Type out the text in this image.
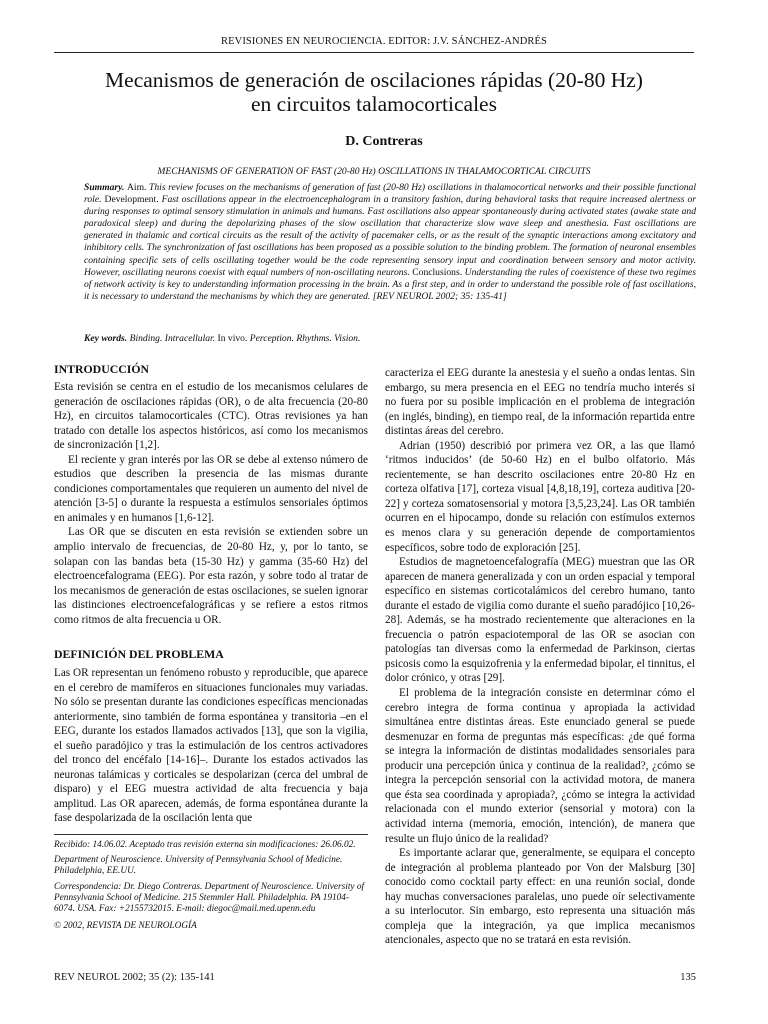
REVISIONES EN NEUROCIENCIA. EDITOR: J.V. SÁNCHEZ-ANDRÉS
Mecanismos de generación de oscilaciones rápidas (20-80 Hz)
en circuitos talamocorticales
D. Contreras
MECHANISMS OF GENERATION OF FAST (20-80 Hz) OSCILLATIONS IN THALAMOCORTICAL CIRCUITS
Summary. Aim. This review focuses on the mechanisms of generation of fast (20-80 Hz) oscillations in thalamocortical networks and their possible functional role. Development. Fast oscillations appear in the electroencephalogram in a transitory fashion, during behavioral tasks that require increased alertness or during responses to optimal sensory stimulation in animals and humans. Fast oscillations also appear spontaneously during activated states (awake state and paradoxical sleep) and during the depolarizing phases of the slow oscillation that characterize slow wave sleep and anesthesia. Fast oscillations are generated in thalamic and cortical circuits as the result of the activity of pacemaker cells, or as the result of the synaptic interactions among excitatory and inhibitory cells. The synchronization of fast oscillations has been proposed as a possible solution to the binding problem. The formation of neuronal ensembles containing specific sets of cells oscillating together would be the code representing sensory input and coordination between sensory and motor activity. However, oscillating neurons coexist with equal numbers of non-oscillating neurons. Conclusions. Understanding the rules of coexistence of these two regimes of network activity is key to understanding information processing in the brain. As a first step, and in order to understand the possible role of fast oscillations, it is necessary to understand the mechanisms by which they are generated. [REV NEUROL 2002; 35: 135-41]
Key words. Binding. Intracellular. In vivo. Perception. Rhythms. Vision.
INTRODUCCIÓN

Esta revisión se centra en el estudio de los mecanismos celulares de generación de oscilaciones rápidas (OR), o de alta frecuencia (20-80 Hz), en circuitos talamocorticales (CTC). Otras revisiones ya han tratado con detalle los aspectos históricos, así como los mecanismos de sincronización [1,2].

El reciente y gran interés por las OR se debe al extenso número de estudios que describen la presencia de las mismas durante condiciones comportamentales que requieren un aumento del nivel de atención [3-5] o durante la respuesta a estímulos sensoriales óptimos en animales y en humanos [1,6-12].

Las OR que se discuten en esta revisión se extienden sobre un amplio intervalo de frecuencias, de 20-80 Hz, y, por lo tanto, se solapan con las bandas beta (15-30 Hz) y gamma (35-60 Hz) del electroencefalograma (EEG). Por esta razón, y sobre todo al tratar de los mecanismos de generación de estas oscilaciones, se suelen ignorar las distinciones electroencefalográficas y se refiere a estos ritmos como ritmos de alta frecuencia u OR.

DEFINICIÓN DEL PROBLEMA

Las OR representan un fenómeno robusto y reproducible, que aparece en el cerebro de mamíferos en situaciones funcionales muy variadas. No sólo se presentan durante las condiciones específicas mencionadas anteriormente, sino también de forma espontánea y transitoria –en el EEG, durante los estados llamados activados [13], que son la vigilia, el sueño paradójico y tras la estimulación de los centros activadores del tronco del encéfalo [14-16]–. Durante los estados activados las neuronas talámicas y corticales se despolarizan (cerca del umbral de disparo) y el EEG muestra actividad de alta frecuencia y baja amplitud. Las OR aparecen, además, de forma espontánea durante la fase despolarizada de la oscilación lenta que

Recibido: 14.06.02. Aceptado tras revisión externa sin modificaciones: 26.06.02.
Department of Neuroscience. University of Pennsylvania School of Medicine. Philadelphia, EE.UU.
Correspondencia: Dr. Diego Contreras. Department of Neuroscience. University of Pennsylvania School of Medicine. 215 Stemmler Hall. Philadelphia. PA 19104-6074. USA. Fax: +2155732015. E-mail: diegoc@mail.med.upenn.edu
© 2002, REVISTA DE NEUROLOGÍA

caracteriza el EEG durante la anestesia y el sueño a ondas lentas. Sin embargo, su mera presencia en el EEG no tendría mucho interés si no fuera por su posible implicación en el problema de integración (en inglés, binding), en tiempo real, de la información repartida entre distintas áreas del cerebro.

Adrian (1950) describió por primera vez OR, a las que llamó ‘ritmos inducidos’ (de 50-60 Hz) en el bulbo olfatorio. Más recientemente, se han descrito oscilaciones entre 20-80 Hz en corteza olfativa [17], corteza visual [4,8,18,19], corteza auditiva [20-22] y corteza somatosensorial y motora [3,5,23,24]. Las OR también ocurren en el hipocampo, donde su relación con estímulos externos es menos clara y su generación depende de comportamientos específicos, sobre todo de exploración [25].

Estudios de magnetoencefalografía (MEG) muestran que las OR aparecen de manera generalizada y con un orden espacial y temporal específico en sistemas corticotalámicos del cerebro humano, tanto durante el estado de vigilia como durante el sueño paradójico [10,26-28]. Además, se ha mostrado recientemente que alteraciones en la frecuencia o patrón espaciotemporal de las OR se asocian con patologías tan diversas como la enfermedad de Parkinson, ciertas psicosis como la esquizofrenia y la enfermedad bipolar, el tinnitus, el dolor crónico, y otras [29].

El problema de la integración consiste en determinar cómo el cerebro integra de forma continua y apropiada la actividad simultánea entre distintas áreas. Este enunciado general se puede desmenuzar en forma de preguntas más específicas: ¿de qué forma se integra la información de distintas modalidades sensoriales para producir una percepción única y continua de la realidad?, ¿cómo se integra la percepción sensorial con la actividad motora, de manera que ésta sea coordinada y apropiada?, ¿cómo se integra la actividad relacionada con el mundo exterior (sensorial y motora) con la actividad interna (memoria, emoción, intención), de manera que resulte un flujo único de la realidad?

Es importante aclarar que, generalmente, se equipara el concepto de integración al problema planteado por Von der Malsburg [30] conocido como cocktail party effect: en una reunión social, donde hay muchas conversaciones paralelas, uno puede oír selectivamente a su interlocutor. Sin embargo, esto representa una situación más compleja que la integración, ya que implica mecanismos atencionales, aspecto que no se tratará en esta revisión.

REV NEUROL 2002; 35 (2): 135-141	135
